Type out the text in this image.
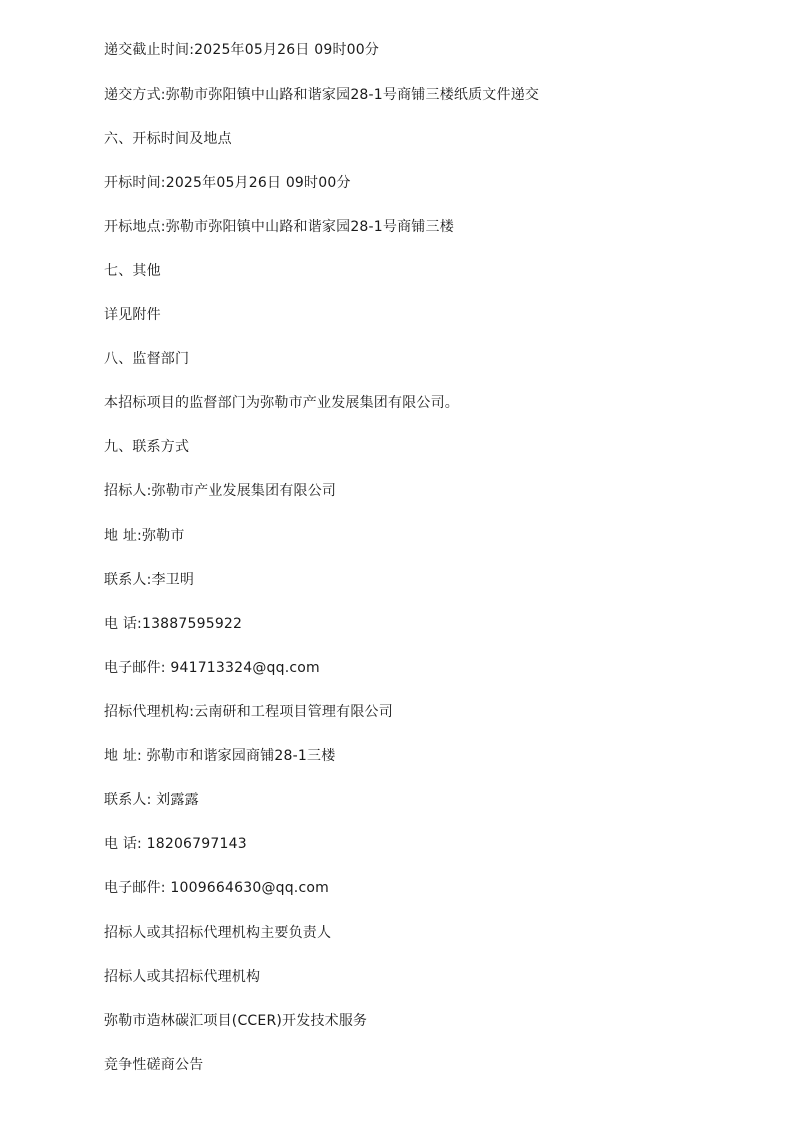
递交截止时间:2025年05月26日 09时00分
递交方式:弥勒市弥阳镇中山路和谐家园28-1号商铺三楼纸质文件递交
六、开标时间及地点
开标时间:2025年05月26日 09时00分
开标地点:弥勒市弥阳镇中山路和谐家园28-1号商铺三楼
七、其他
详见附件
八、监督部门
本招标项目的监督部门为弥勒市产业发展集团有限公司。
九、联系方式
招标人:弥勒市产业发展集团有限公司
地 址:弥勒市
联系人:李卫明
电 话:13887595922
电子邮件: 941713324@qq.com
招标代理机构:云南研和工程项目管理有限公司
地 址: 弥勒市和谐家园商铺28-1三楼
联系人: 刘露露
电 话: 18206797143
电子邮件: 1009664630@qq.com
招标人或其招标代理机构主要负责人
招标人或其招标代理机构
弥勒市造林碳汇项目(CCER)开发技术服务
竞争性磋商公告
